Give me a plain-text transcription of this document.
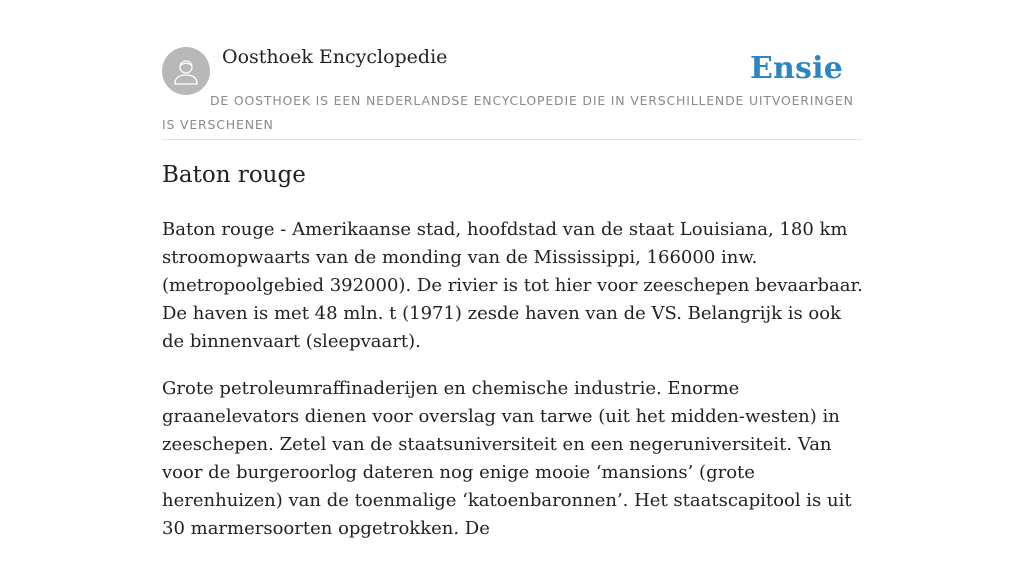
Oosthoek Encyclopedie	Ensie
DE OOSTHOEK IS EEN NEDERLANDSE ENCYCLOPEDIE DIE IN VERSCHILLENDE UITVOERINGEN IS VERSCHENEN
Baton rouge

Baton rouge - Amerikaanse stad, hoofdstad van de staat Louisiana, 180 km stroomopwaarts van de monding van de Mississippi, 166000 inw. (metropoolgebied 392000). De rivier is tot hier voor zeeschepen bevaarbaar. De haven is met 48 mln. t (1971) zesde haven van de VS. Belangrijk is ook de binnenvaart (sleepvaart).

Grote petroleumraffinaderijen en chemische industrie. Enorme graanelevators dienen voor overslag van tarwe (uit het midden-westen) in zeeschepen. Zetel van de staatsuniversiteit en een negeruniversiteit. Van voor de burgeroorlog dateren nog enige mooie ‘mansions’ (grote herenhuizen) van de toenmalige ‘katoenbaronnen’. Het staatscapitool is uit 30 marmersoorten opgetrokken. De
